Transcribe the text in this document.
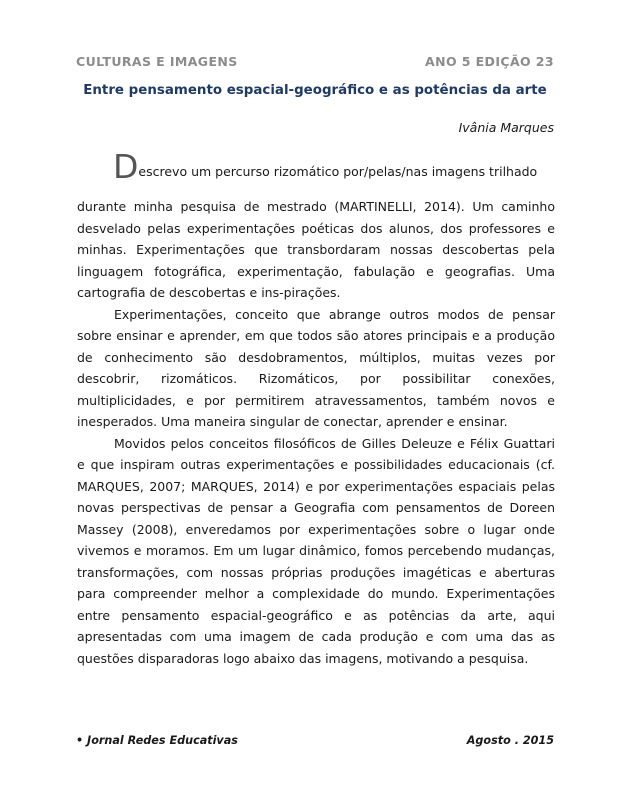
CULTURAS E IMAGENS	ANO 5 EDIÇÃO 23
Entre pensamento espacial-geográfico e as potências da arte
Ivânia Marques

Descrevo um percurso rizomático por/pelas/nas imagens trilhado
durante minha pesquisa de mestrado (MARTINELLI, 2014). Um caminho desvelado pelas experimentações poéticas dos alunos, dos professores e minhas. Experimentações que transbordaram nossas descobertas pela linguagem fotográfica, experimentação, fabulação e geografias. Uma cartografia de descobertas e ins-pirações.

Experimentações, conceito que abrange outros modos de pensar sobre ensinar e aprender, em que todos são atores principais e a produção de conhecimento são desdobramentos, múltiplos, muitas vezes por descobrir, rizomáticos. Rizomáticos, por possibilitar conexões, multiplicidades, e por permitirem atravessamentos, também novos e inesperados. Uma maneira singular de conectar, aprender e ensinar.

Movidos pelos conceitos filosóficos de Gilles Deleuze e Félix Guattari e que inspiram outras experimentações e possibilidades educacionais (cf. MARQUES, 2007; MARQUES, 2014) e por experimentações espaciais pelas novas perspectivas de pensar a Geografia com pensamentos de Doreen Massey (2008), enveredamos por experimentações sobre o lugar onde vivemos e moramos. Em um lugar dinâmico, fomos percebendo mudanças, transformações, com nossas próprias produções imagéticas e aberturas para compreender melhor a complexidade do mundo. Experimentações entre pensamento espacial-geográfico e as potências da arte, aqui apresentadas com uma imagem de cada produção e com uma das as questões disparadoras logo abaixo das imagens, motivando a pesquisa.

• Jornal Redes Educativas	Agosto . 2015
